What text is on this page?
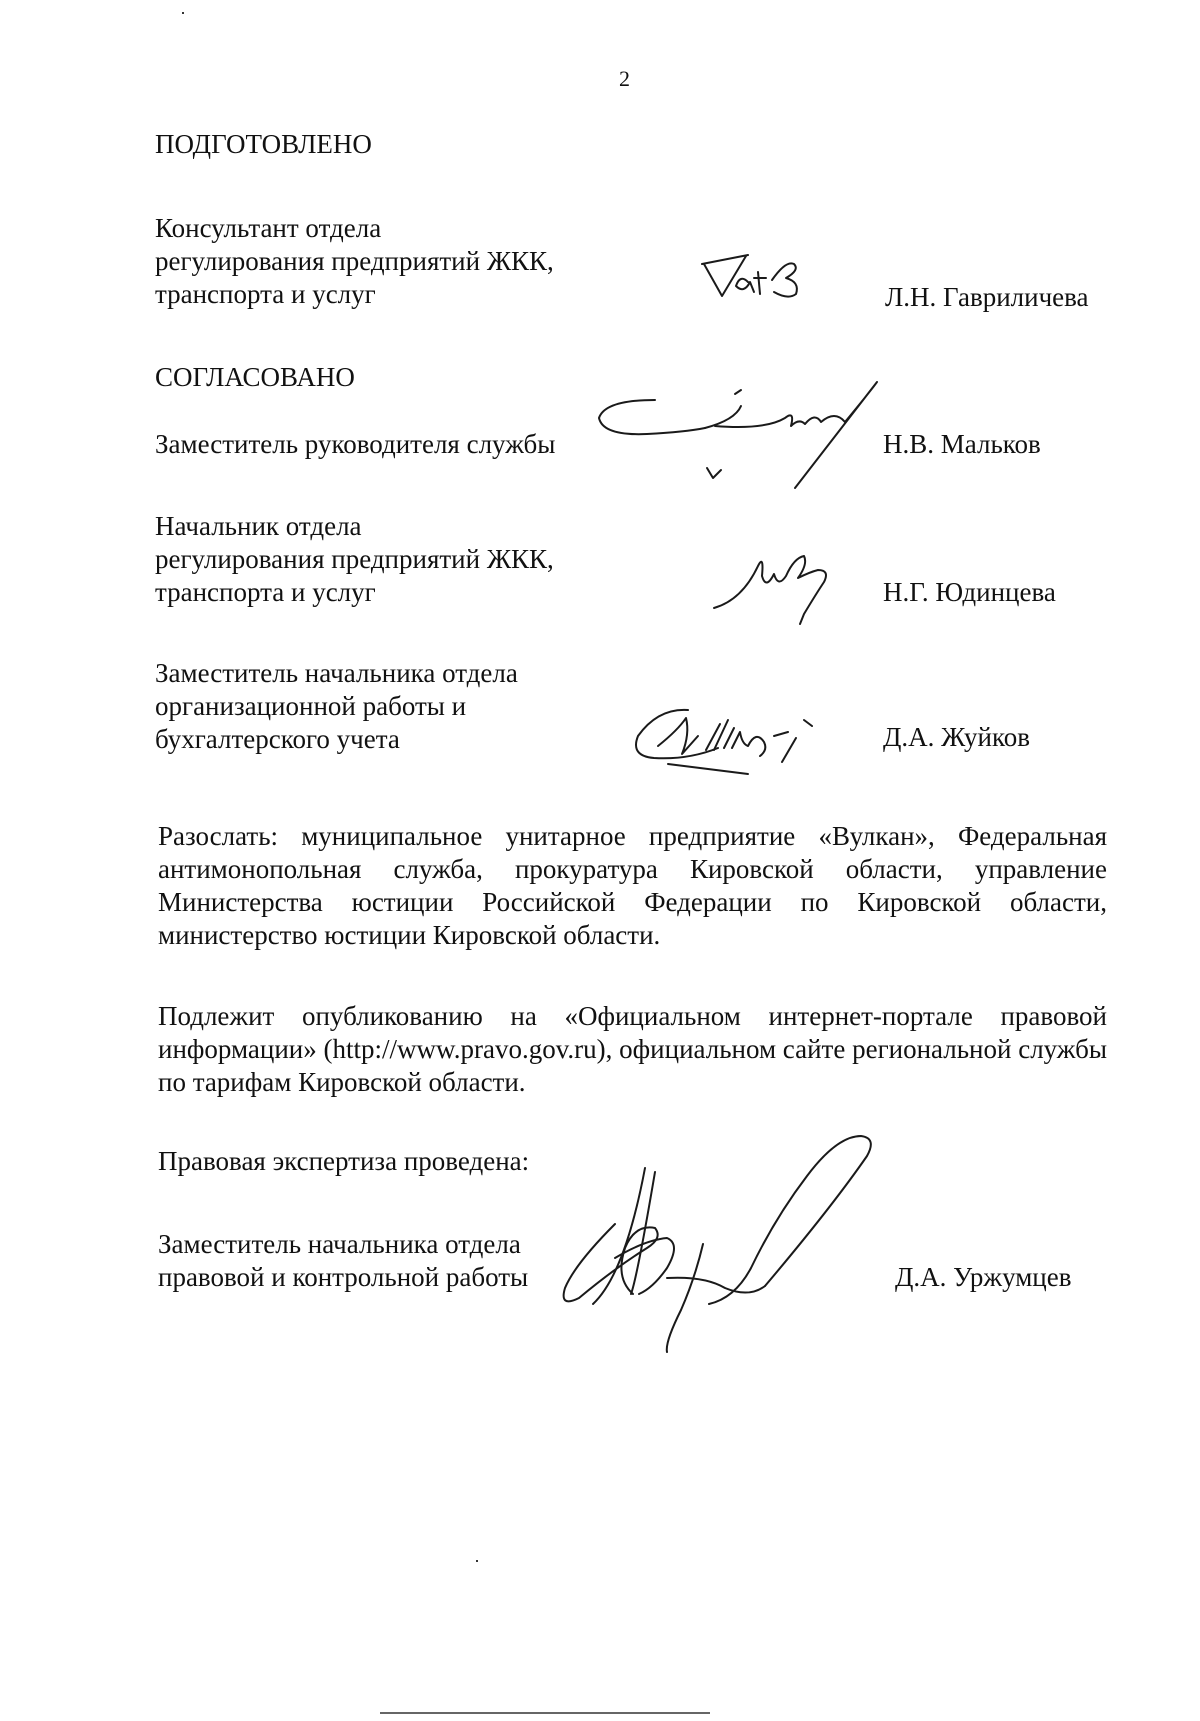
2
ПОДГОТОВЛЕНО
Консультант отдела
регулирования предприятий ЖКК,
транспорта и услуг	Л.Н. Гавриличева
СОГЛАСОВАНО
Заместитель руководителя службы	Н.В. Мальков
Начальник отдела
регулирования предприятий ЖКК,
транспорта и услуг	Н.Г. Юдинцева
Заместитель начальника отдела
организационной работы и
бухгалтерского учета	Д.А. Жуйков
Разослать: муниципальное унитарное предприятие «Вулкан», Федеральная антимонопольная служба, прокуратура Кировской области, управление Министерства юстиции Российской Федерации по Кировской области, министерство юстиции Кировской области.
Подлежит опубликованию на «Официальном интернет-портале правовой информации» (http://www.pravo.gov.ru), официальном сайте региональной службы по тарифам Кировской области.
Правовая экспертиза проведена:
Заместитель начальника отдела
правовой и контрольной работы	Д.А. Уржумцев
